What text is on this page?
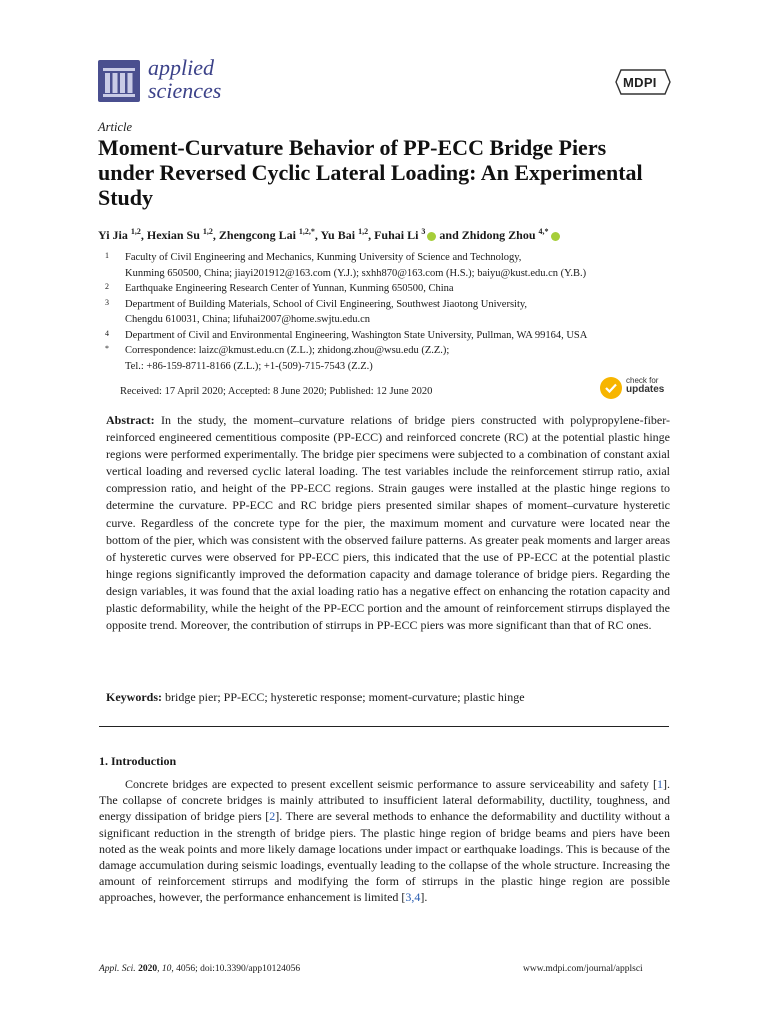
applied
sciences	MDPI
Article
Moment-Curvature Behavior of PP-ECC Bridge Piers under Reversed Cyclic Lateral Loading: An Experimental Study
Yi Jia $^{1,2}$, Hexian Su $^{1,2}$, Zhengcong Lai $^{1,2,*}$, Yu Bai $^{1,2}$, Fuhai Li $^3$ and Zhidong Zhou $^{4,*}$
1 Faculty of Civil Engineering and Mechanics, Kunming University of Science and Technology,
Kunming 650500, China; jiayi201912@163.com (Y.J.); sxhh870@163.com (H.S.); baiyu@kust.edu.cn (Y.B.)
2 Earthquake Engineering Research Center of Yunnan, Kunming 650500, China
3 Department of Building Materials, School of Civil Engineering, Southwest Jiaotong University,
Chengdu 610031, China; lifuhai2007@home.swjtu.edu.cn
4 Department of Civil and Environmental Engineering, Washington State University, Pullman, WA 99164, USA
* Correspondence: laizc@kmust.edu.cn (Z.L.); zhidong.zhou@wsu.edu (Z.Z.);
Tel.: +86-159-8711-8166 (Z.L.); +1-(509)-715-7543 (Z.Z.)
Received: 17 April 2020; Accepted: 8 June 2020; Published: 12 June 2020
check for
updates
Abstract: In the study, the moment–curvature relations of bridge piers constructed with polypropylene-fiber-reinforced engineered cementitious composite (PP-ECC) and reinforced concrete (RC) at the potential plastic hinge regions were performed experimentally. The bridge pier specimens were subjected to a combination of constant axial vertical loading and reversed cyclic lateral loading. The test variables include the reinforcement stirrup ratio, axial compression ratio, and height of the PP-ECC regions. Strain gauges were installed at the plastic hinge regions to determine the curvature. PP-ECC and RC bridge piers presented similar shapes of moment–curvature hysteretic curve. Regardless of the concrete type for the pier, the maximum moment and curvature were located near the bottom of the pier, which was consistent with the observed failure patterns. As greater peak moments and larger areas of hysteretic curves were observed for PP-ECC piers, this indicated that the use of PP-ECC at the potential plastic hinge regions significantly improved the deformation capacity and damage tolerance of bridge piers. Regarding the design variables, it was found that the axial loading ratio has a negative effect on enhancing the rotation capacity and plastic deformability, while the height of the PP-ECC portion and the amount of reinforcement stirrups displayed the opposite trend. Moreover, the contribution of stirrups in PP-ECC piers was more significant than that of RC ones.
Keywords: bridge pier; PP-ECC; hysteretic response; moment-curvature; plastic hinge
1. Introduction
Concrete bridges are expected to present excellent seismic performance to assure serviceability and safety [1]. The collapse of concrete bridges is mainly attributed to insufficient lateral deformability, ductility, toughness, and energy dissipation of bridge piers [2]. There are several methods to enhance the deformability and ductility without a significant reduction in the strength of bridge piers. The plastic hinge region of bridge beams and piers have been noted as the weak points and more likely damage locations under impact or earthquake loadings. This is because of the damage accumulation during seismic loadings, eventually leading to the collapse of the whole structure. Increasing the amount of reinforcement stirrups and modifying the form of stirrups in the plastic hinge region are possible approaches, however, the performance enhancement is limited [3,4].
Appl. Sci. 2020, 10, 4056; doi:10.3390/app10124056	www.mdpi.com/journal/applsci
